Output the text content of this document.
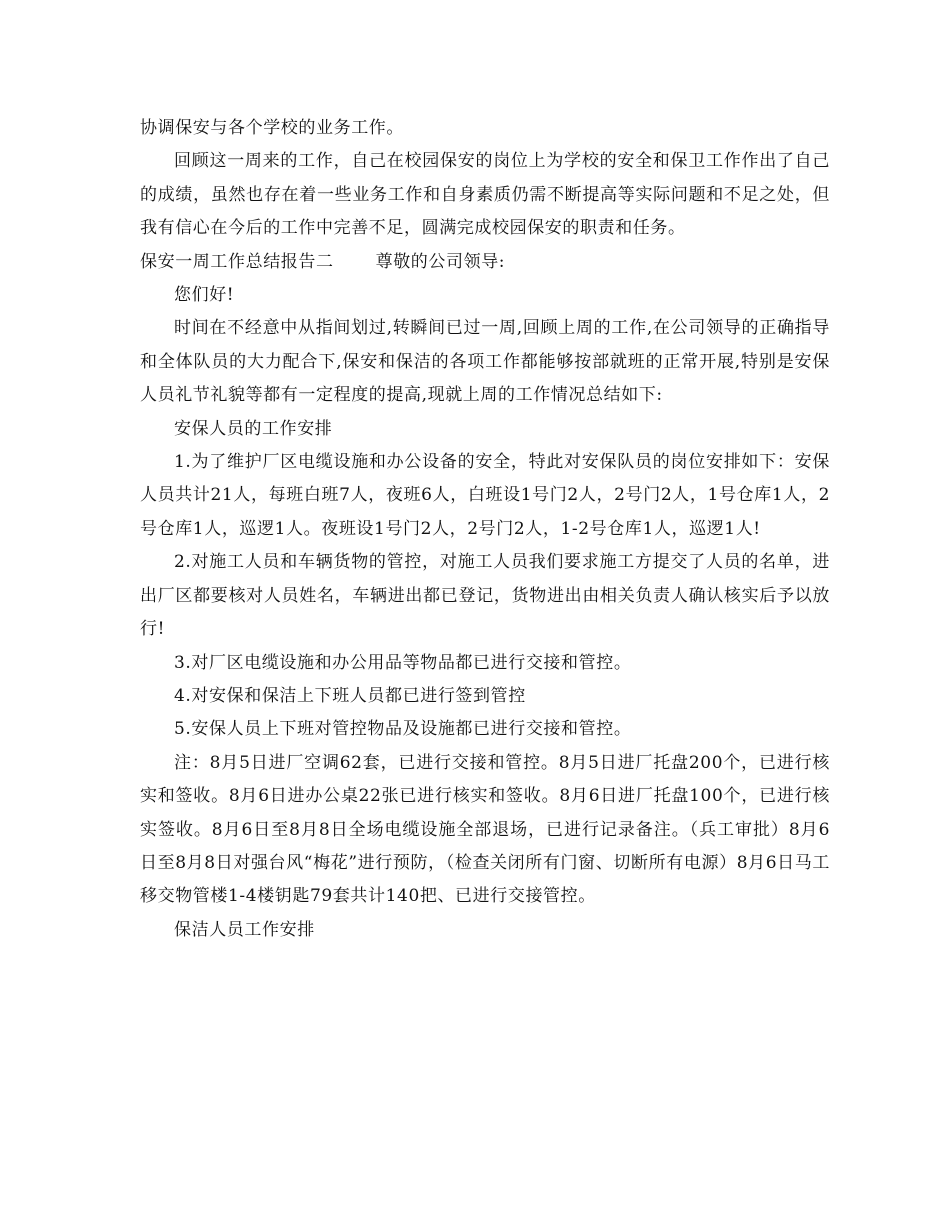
协调保安与各个学校的业务工作。

回顾这一周来的工作，自己在校园保安的岗位上为学校的安全和保卫工作作出了自己的成绩，虽然也存在着一些业务工作和自身素质仍需不断提高等实际问题和不足之处，但我有信心在今后的工作中完善不足，圆满完成校园保安的职责和任务。

保安一周工作总结报告二 尊敬的公司领导:

您们好!

时间在不经意中从指间划过,转瞬间已过一周,回顾上周的工作,在公司领导的正确指导和全体队员的大力配合下,保安和保洁的各项工作都能够按部就班的正常开展,特别是安保人员礼节礼貌等都有一定程度的提高,现就上周的工作情况总结如下:

安保人员的工作安排

1.为了维护厂区电缆设施和办公设备的安全，特此对安保队员的岗位安排如下：安保人员共计21人，每班白班7人，夜班6人，白班设1号门2人，2号门2人，1号仓库1人，2号仓库1人，巡逻1人。夜班设1号门2人，2号门2人，1-2号仓库1人，巡逻1人!

2.对施工人员和车辆货物的管控，对施工人员我们要求施工方提交了人员的名单，进出厂区都要核对人员姓名，车辆进出都已登记，货物进出由相关负责人确认核实后予以放行!

3.对厂区电缆设施和办公用品等物品都已进行交接和管控。

4.对安保和保洁上下班人员都已进行签到管控

5.安保人员上下班对管控物品及设施都已进行交接和管控。

注：8月5日进厂空调62套，已进行交接和管控。8月5日进厂托盘200个，已进行核实和签收。8月6日进办公桌22张已进行核实和签收。8月6日进厂托盘100个，已进行核实签收。8月6日至8月8日全场电缆设施全部退场，已进行记录备注。（兵工审批）8月6日至8月8日对强台风“梅花”进行预防，（检查关闭所有门窗、切断所有电源）8月6日马工移交物管楼1-4楼钥匙79套共计140把、已进行交接管控。

保洁人员工作安排
